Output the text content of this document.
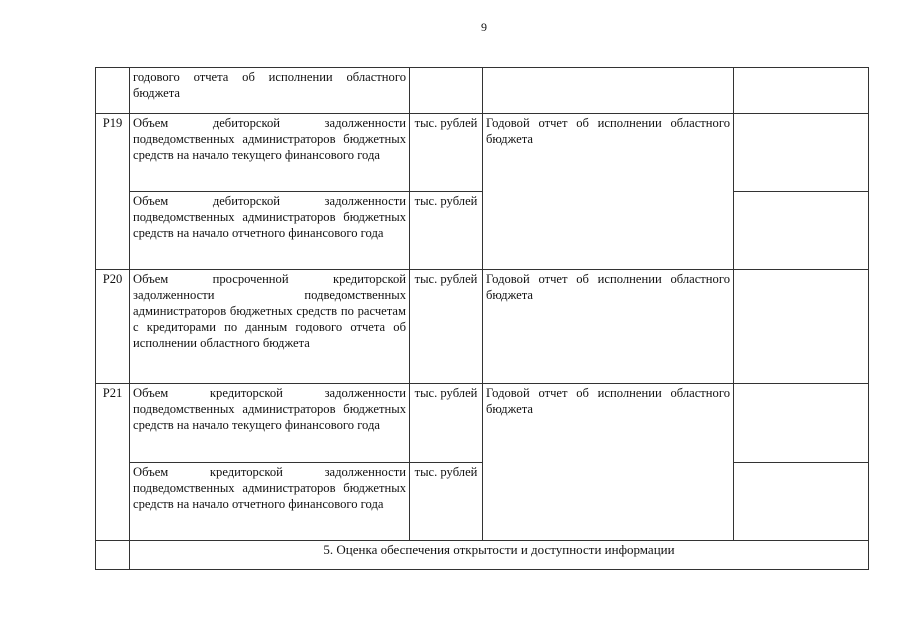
9
	годового отчета об исполнении областного бюджета			
Р19	Объем дебиторской задолженности подведомственных администраторов бюджетных средств на начало текущего финансового года	тыс. рублей	Годовой отчет об исполнении областного бюджета	
	Объем дебиторской задолженности подведомственных администраторов бюджетных средств на начало отчетного финансового года	тыс. рублей		
Р20	Объем просроченной кредиторской задолженности подведомственных администраторов бюджетных средств по расчетам с кредиторами по данным годового отчета об исполнении областного бюджета	тыс. рублей	Годовой отчет об исполнении областного бюджета	
Р21	Объем кредиторской задолженности подведомственных администраторов бюджетных средств на начало текущего финансового года	тыс. рублей	Годовой отчет об исполнении областного бюджета	
	Объем кредиторской задолженности подведомственных администраторов бюджетных средств на начало отчетного финансового года	тыс. рублей		
	5. Оценка обеспечения открытости и доступности информации			
